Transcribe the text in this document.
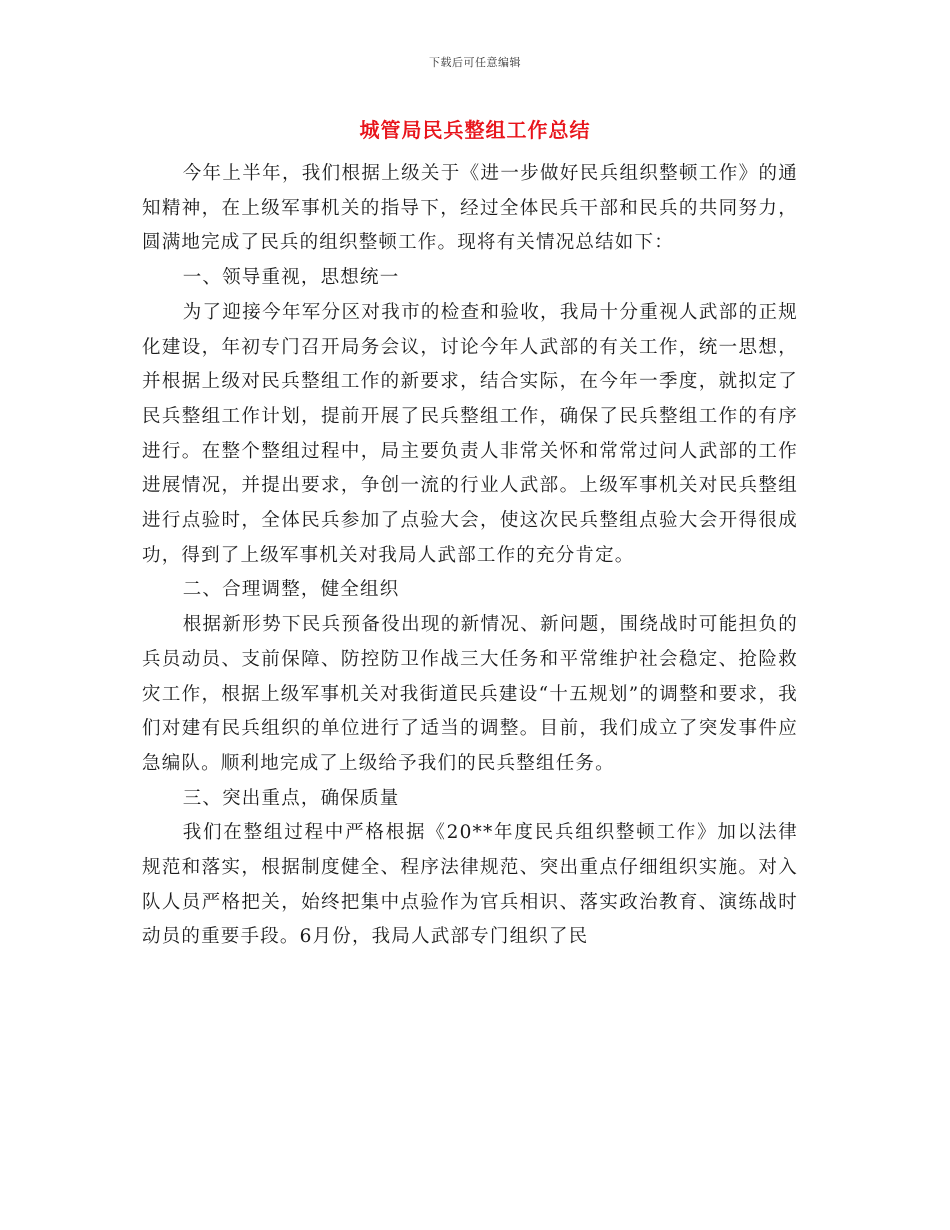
下载后可任意编辑
城管局民兵整组工作总结

今年上半年，我们根据上级关于《进一步做好民兵组织整顿工作》的通知精神，在上级军事机关的指导下，经过全体民兵干部和民兵的共同努力，圆满地完成了民兵的组织整顿工作。现将有关情况总结如下：

一、领导重视，思想统一

为了迎接今年军分区对我市的检查和验收，我局十分重视人武部的正规化建设，年初专门召开局务会议，讨论今年人武部的有关工作，统一思想，并根据上级对民兵整组工作的新要求，结合实际，在今年一季度，就拟定了民兵整组工作计划，提前开展了民兵整组工作，确保了民兵整组工作的有序进行。在整个整组过程中，局主要负责人非常关怀和常常过问人武部的工作进展情况，并提出要求，争创一流的行业人武部。上级军事机关对民兵整组进行点验时，全体民兵参加了点验大会，使这次民兵整组点验大会开得很成功，得到了上级军事机关对我局人武部工作的充分肯定。

二、合理调整，健全组织

根据新形势下民兵预备役出现的新情况、新问题，围绕战时可能担负的兵员动员、支前保障、防控防卫作战三大任务和平常维护社会稳定、抢险救灾工作，根据上级军事机关对我街道民兵建设“十五规划”的调整和要求，我们对建有民兵组织的单位进行了适当的调整。目前，我们成立了突发事件应急编队。顺利地完成了上级给予我们的民兵整组任务。

三、突出重点，确保质量

我们在整组过程中严格根据《20**年度民兵组织整顿工作》加以法律规范和落实，根据制度健全、程序法律规范、突出重点仔细组织实施。对入队人员严格把关，始终把集中点验作为官兵相识、落实政治教育、演练战时动员的重要手段。6月份，我局人武部专门组织了民
